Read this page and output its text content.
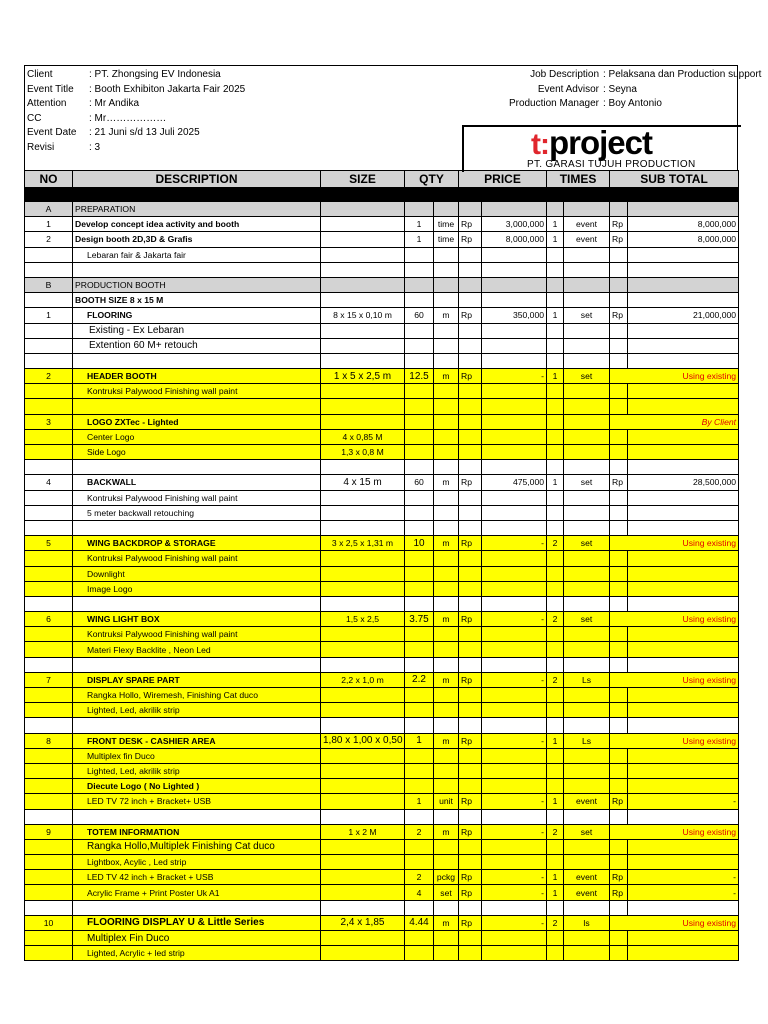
Client	: PT. Zhongsing EV Indonesia
Event Title	: Booth Exhibiton Jakarta Fair 2025
Attention	: Mr Andika
CC	: Mr………………
Event Date	: 21 Juni s/d 13 Juli 2025
Revisi	: 3
Job Description : Pelaksana dan Production support
Event Advisor : Seyna
Production Manager : Boy Antonio
t:project
PT. GARASI TUJUH PRODUCTION
NO	DESCRIPTION	SIZE	QTY		PRICE		TIMES		SUB TOTAL	

A	PREPARATION									
1	Develop concept idea activity and booth		1	time	Rp	3,000,000	1	event	Rp	8,000,000
2	Design booth 2D,3D & Grafis		1	time	Rp	8,000,000	1	event	Rp	8,000,000
	Lebaran fair & Jakarta fair									

B	PRODUCTION BOOTH									
	BOOTH SIZE 8 x 15 M									
1	FLOORING	8 x 15 x 0,10 m	60	m	Rp	350,000	1	set	Rp	21,000,000
	Existing - Ex Lebaran									
	Extention 60 M+ retouch									

2	HEADER BOOTH	1 x 5 x 2,5 m	12.5	m	Rp	-	1	set	Using existing	
	Kontruksi Palywood Finishing wall paint									

3	LOGO ZXTec - Lighted								By Client	
	Center Logo	4 x 0,85 M								
	Side Logo	1,3 x 0,8 M								

4	BACKWALL	4 x 15 m	60	m	Rp	475,000	1	set	Rp	28,500,000
	Kontruksi Palywood Finishing wall paint									
	5 meter backwall retouching									

5	WING BACKDROP & STORAGE	3 x 2,5 x 1,31 m	10	m	Rp	-	2	set	Using existing	
	Kontruksi Palywood Finishing wall paint									
	Downlight									
	Image Logo									

6	WING LIGHT BOX	1,5 x 2,5	3.75	m	Rp	-	2	set	Using existing	
	Kontruksi Palywood Finishing wall paint									
	Materi Flexy Backlite , Neon Led									

7	DISPLAY SPARE PART	2,2 x 1,0 m	2.2	m	Rp	-	2	Ls	Using existing	
	Rangka Hollo, Wiremesh, Finishing Cat duco									
	Lighted, Led, akrilik strip									

8	FRONT DESK - CASHIER AREA	1,80 x 1,00 x 0,50	1	m	Rp	-	1	Ls	Using existing	
	Multiplex fin Duco									
	Lighted, Led, akrilik strip									
	Diecute Logo ( No Lighted )									
	LED TV 72 inch + Bracket+ USB		1	unit	Rp	-	1	event	Rp	-

9	TOTEM INFORMATION	1 x 2 M	2	m	Rp	-	2	set	Using existing	
	Rangka Hollo,Multiplek Finishing Cat duco									
	Lightbox, Acylic , Led strip									
	LED TV 42 inch + Bracket + USB		2	pckg	Rp	-	1	event	Rp	-
	Acrylic Frame + Print Poster Uk A1		4	set	Rp	-	1	event	Rp	-

10	FLOORING DISPLAY U & Little Series	2,4 x 1,85	4.44	m	Rp	-	2	ls	Using existing	
	Multiplex Fin Duco									
	Lighted, Acrylic + led strip									
